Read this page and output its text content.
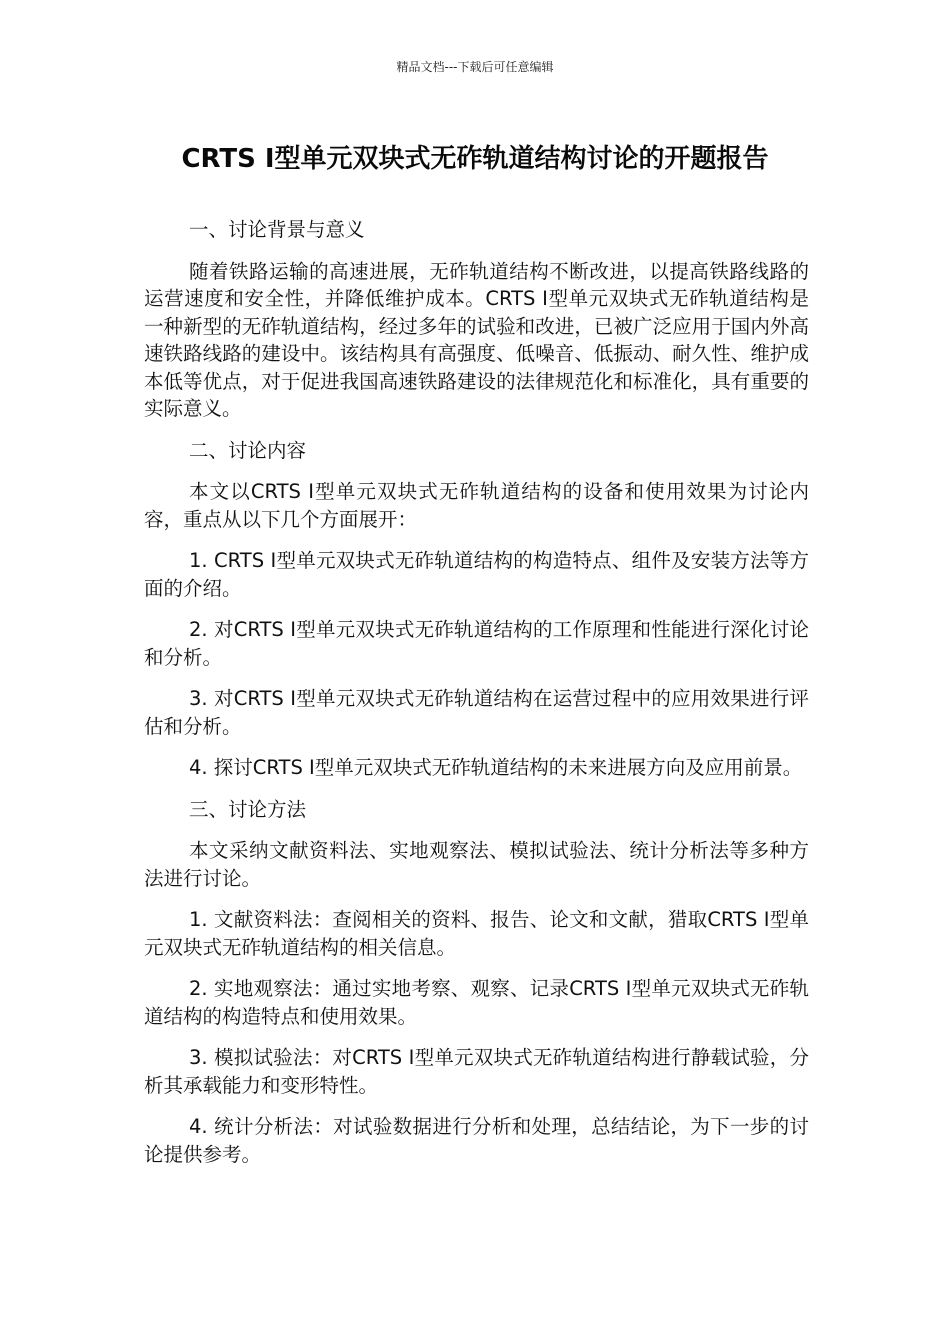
精品文档---下载后可任意编辑
CRTS Ⅰ型单元双块式无砟轨道结构讨论的开题报告

一、讨论背景与意义

随着铁路运输的高速进展，无砟轨道结构不断改进，以提高铁路线路的运营速度和安全性，并降低维护成本。CRTS I型单元双块式无砟轨道结构是一种新型的无砟轨道结构，经过多年的试验和改进，已被广泛应用于国内外高速铁路线路的建设中。该结构具有高强度、低噪音、低振动、耐久性、维护成本低等优点，对于促进我国高速铁路建设的法律规范化和标准化，具有重要的实际意义。

二、讨论内容

本文以CRTS I型单元双块式无砟轨道结构的设备和使用效果为讨论内容，重点从以下几个方面展开：

1. CRTS I型单元双块式无砟轨道结构的构造特点、组件及安装方法等方面的介绍。

2. 对CRTS I型单元双块式无砟轨道结构的工作原理和性能进行深化讨论和分析。

3. 对CRTS I型单元双块式无砟轨道结构在运营过程中的应用效果进行评估和分析。

4. 探讨CRTS I型单元双块式无砟轨道结构的未来进展方向及应用前景。

三、讨论方法

本文采纳文献资料法、实地观察法、模拟试验法、统计分析法等多种方法进行讨论。

1. 文献资料法：查阅相关的资料、报告、论文和文献，猎取CRTS I型单元双块式无砟轨道结构的相关信息。

2. 实地观察法：通过实地考察、观察、记录CRTS I型单元双块式无砟轨道结构的构造特点和使用效果。

3. 模拟试验法：对CRTS I型单元双块式无砟轨道结构进行静载试验，分析其承载能力和变形特性。

4. 统计分析法：对试验数据进行分析和处理，总结结论，为下一步的讨论提供参考。
